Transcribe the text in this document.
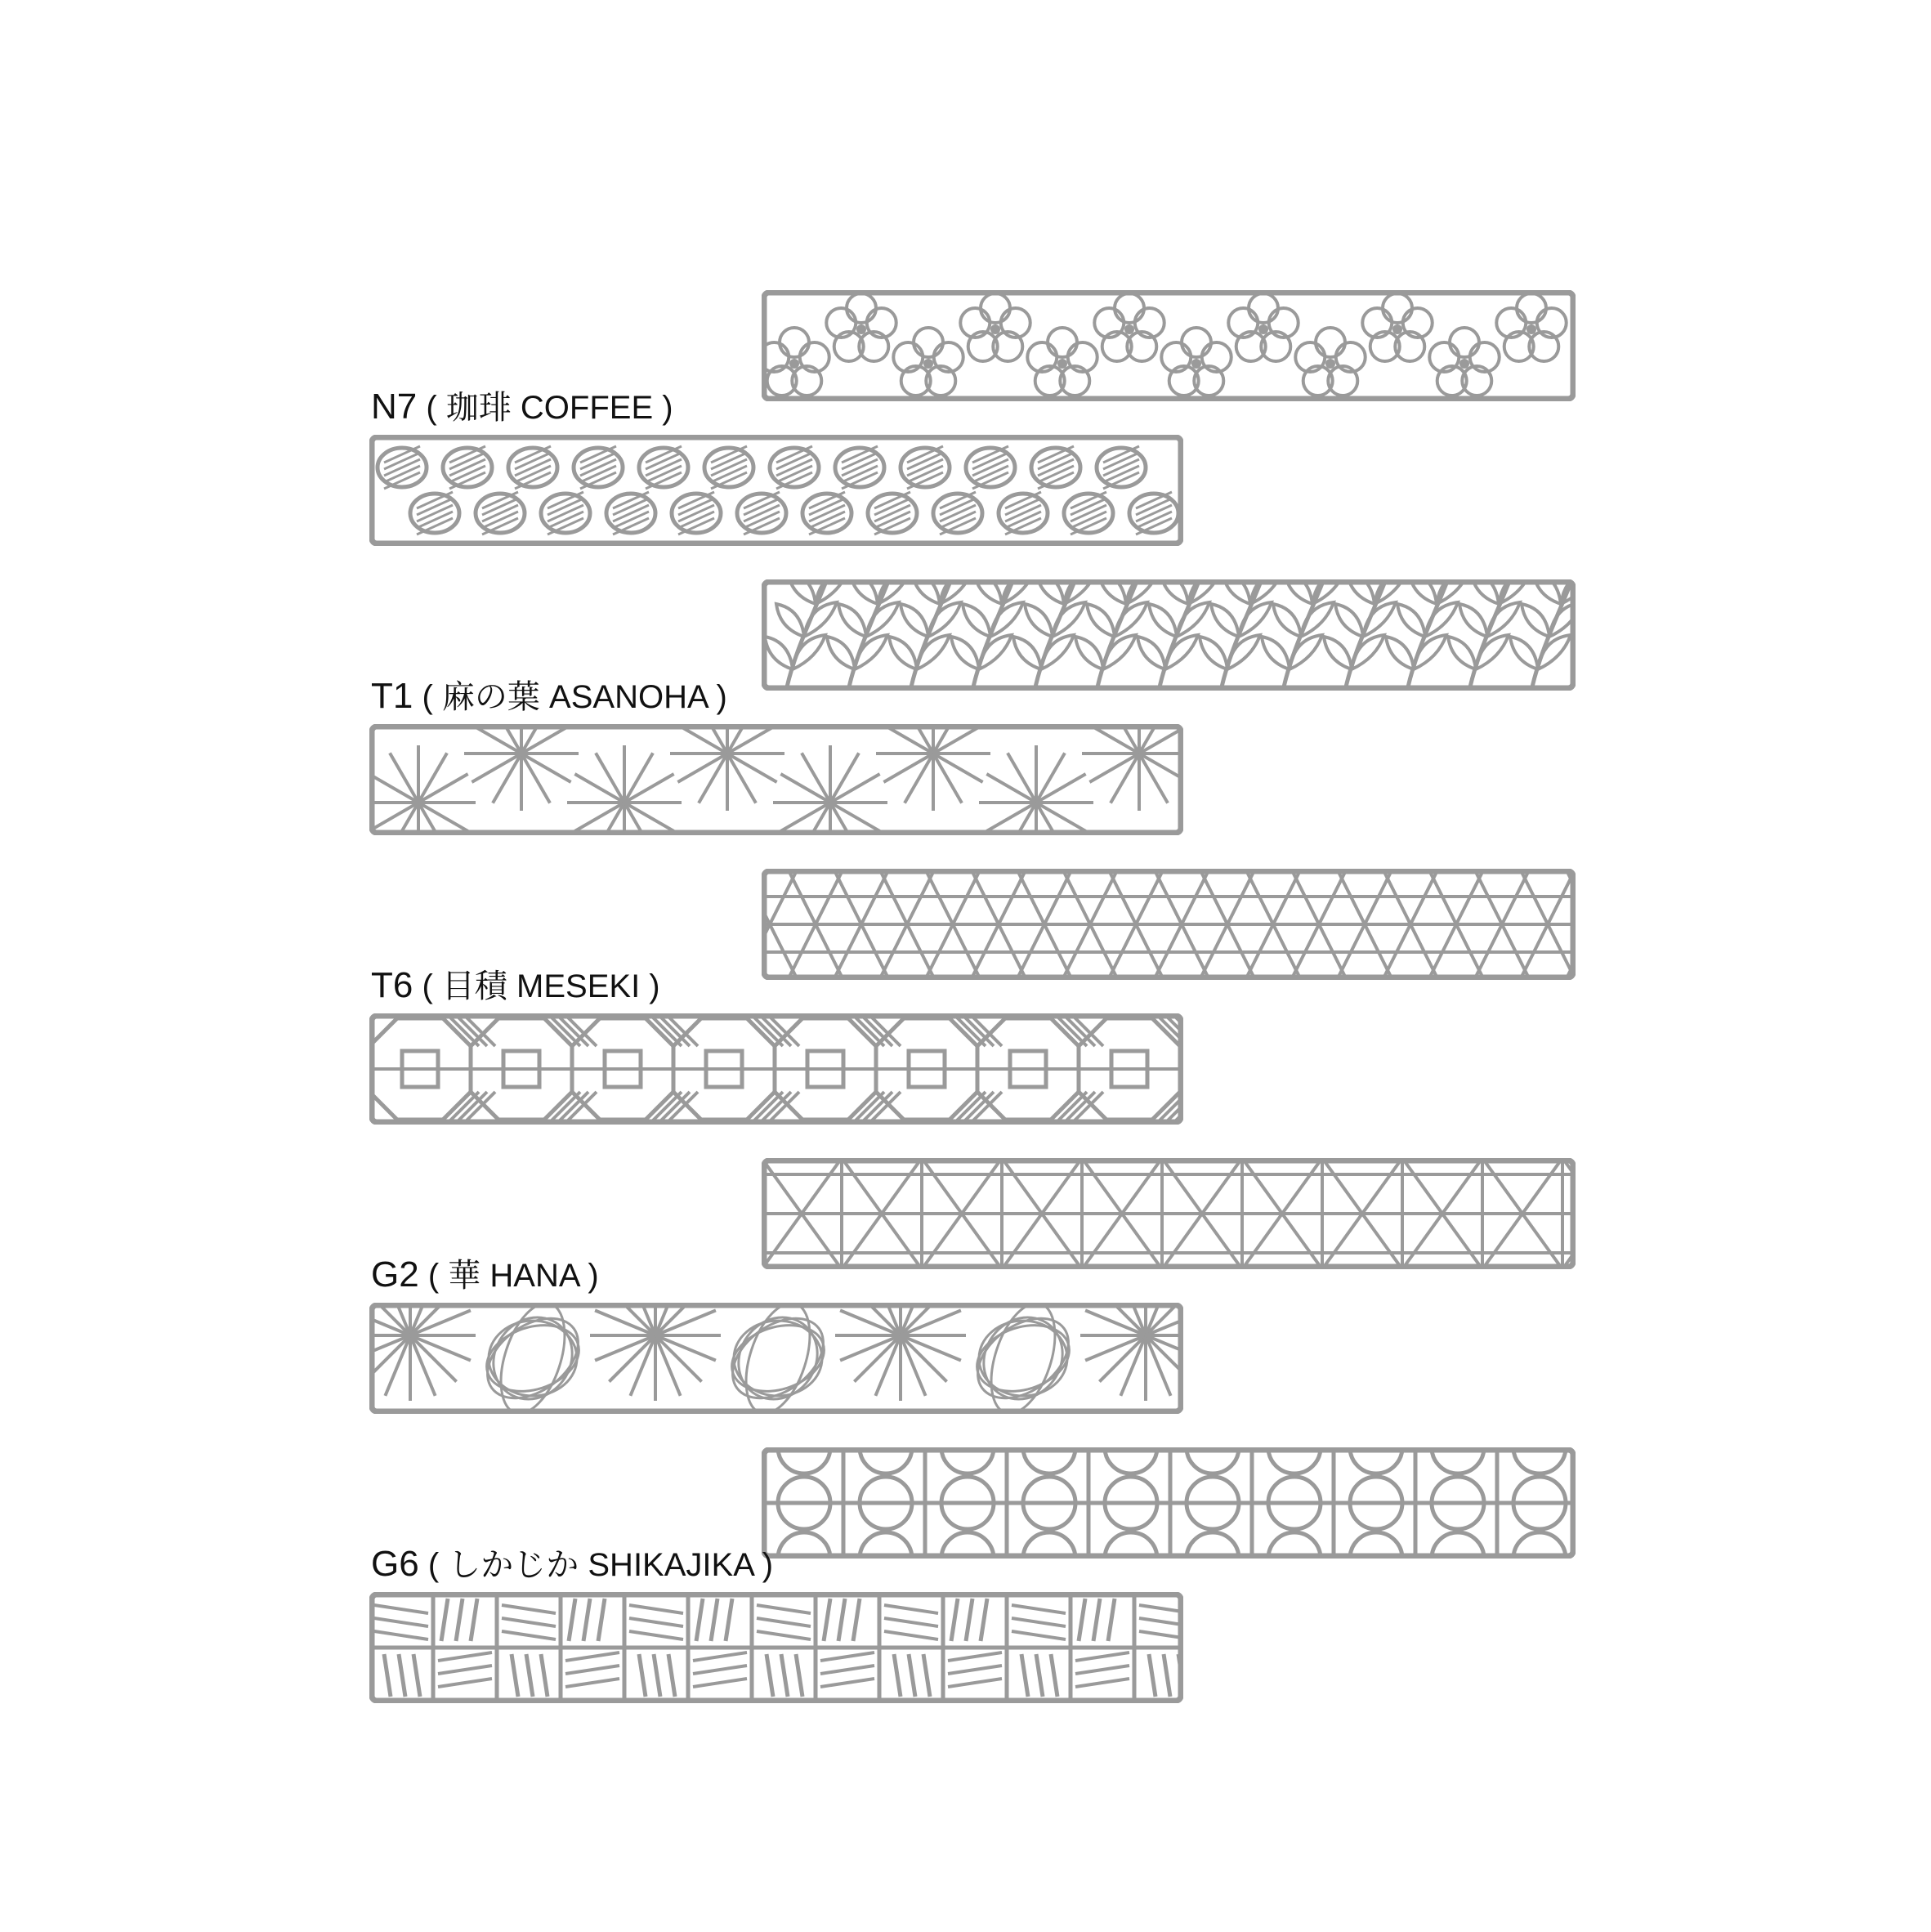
N7 ( 珈琲 COFFEE )
T1 ( 麻の葉 ASANOHA )
T6 ( 目積 MESEKI )
G2 ( 華 HANA )
G6 ( しかじか SHIKAJIKA )
